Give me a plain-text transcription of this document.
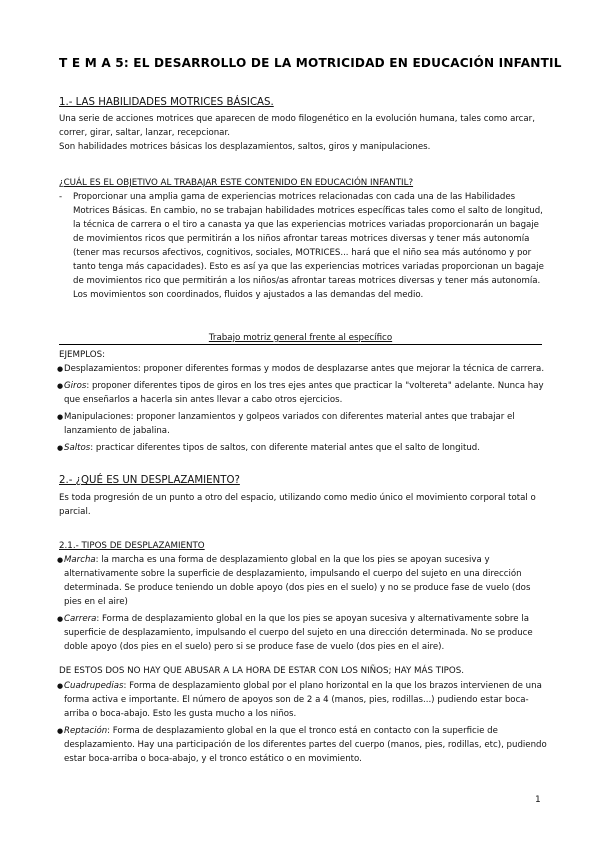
T E M A 5: EL DESARROLLO DE LA MOTRICIDAD EN EDUCACIÓN INFANTIL
1.- LAS HABILIDADES MOTRICES BÁSICAS.
Una serie de acciones motrices que aparecen de modo filogenético en la evolución humana, tales como arcar,
correr, girar, saltar, lanzar, recepcionar.
Son habilidades motrices básicas los desplazamientos, saltos, giros y manipulaciones.
¿CUÁL ES EL OBJETIVO AL TRABAJAR ESTE CONTENIDO EN EDUCACIÓN INFANTIL?
-	Proporcionar una amplia gama de experiencias motrices relacionadas con cada una de las Habilidades Motrices Básicas. En cambio, no se trabajan habilidades motrices específicas tales como el salto de longitud, la técnica de carrera o el tiro a canasta ya que las experiencias motrices variadas proporcionarán un bagaje de movimientos ricos que permitirán a los niños afrontar tareas motrices diversas y tener más autonomía (tener mas recursos afectivos, cognitivos, sociales, MOTRICES... hará que el niño sea más autónomo y por tanto tenga más capacidades). Esto es así ya que las experiencias motrices variadas proporcionan un bagaje de movimientos rico que permitirán a los niños/as afrontar tareas motrices diversas y tener más autonomía. Los movimientos son coordinados, fluidos y ajustados a las demandas del medio.
Trabajo motriz general frente al específico
EJEMPLOS:
● Desplazamientos: proponer diferentes formas y modos de desplazarse antes que mejorar la técnica de carrera.
● Giros: proponer diferentes tipos de giros en los tres ejes antes que practicar la "voltereta" adelante. Nunca hay que enseñarlos a hacerla sin antes llevar a cabo otros ejercicios.
● Manipulaciones: proponer lanzamientos y golpeos variados con diferentes material antes que trabajar el lanzamiento de jabalina.
● Saltos: practicar diferentes tipos de saltos, con diferente material antes que el salto de longitud.
2.- ¿QUÉ ES UN DESPLAZAMIENTO?
Es toda progresión de un punto a otro del espacio, utilizando como medio único el movimiento corporal total o parcial.
2.1.- TIPOS DE DESPLAZAMIENTO
● Marcha: la marcha es una forma de desplazamiento global en la que los pies se apoyan sucesiva y alternativamente sobre la superficie de desplazamiento, impulsando el cuerpo del sujeto en una dirección determinada. Se produce teniendo un doble apoyo (dos pies en el suelo) y no se produce fase de vuelo (dos pies en el aire)
● Carrera: Forma de desplazamiento global en la que los pies se apoyan sucesiva y alternativamente sobre la superficie de desplazamiento, impulsando el cuerpo del sujeto en una dirección determinada. No se produce doble apoyo (dos pies en el suelo) pero si se produce fase de vuelo (dos pies en el aire).
DE ESTOS DOS NO HAY QUE ABUSAR A LA HORA DE ESTAR CON LOS NIÑOS; HAY MÁS TIPOS.
● Cuadrupedias: Forma de desplazamiento global por el plano horizontal en la que los brazos intervienen de una forma activa e importante. El número de apoyos son de 2 a 4 (manos, pies, rodillas...) pudiendo estar boca-arriba o boca-abajo. Esto les gusta mucho a los niños.
● Reptación: Forma de desplazamiento global en la que el tronco está en contacto con la superficie de desplazamiento. Hay una participación de los diferentes partes del cuerpo (manos, pies, rodillas, etc), pudiendo estar boca-arriba o boca-abajo, y el tronco estático o en movimiento.
1
